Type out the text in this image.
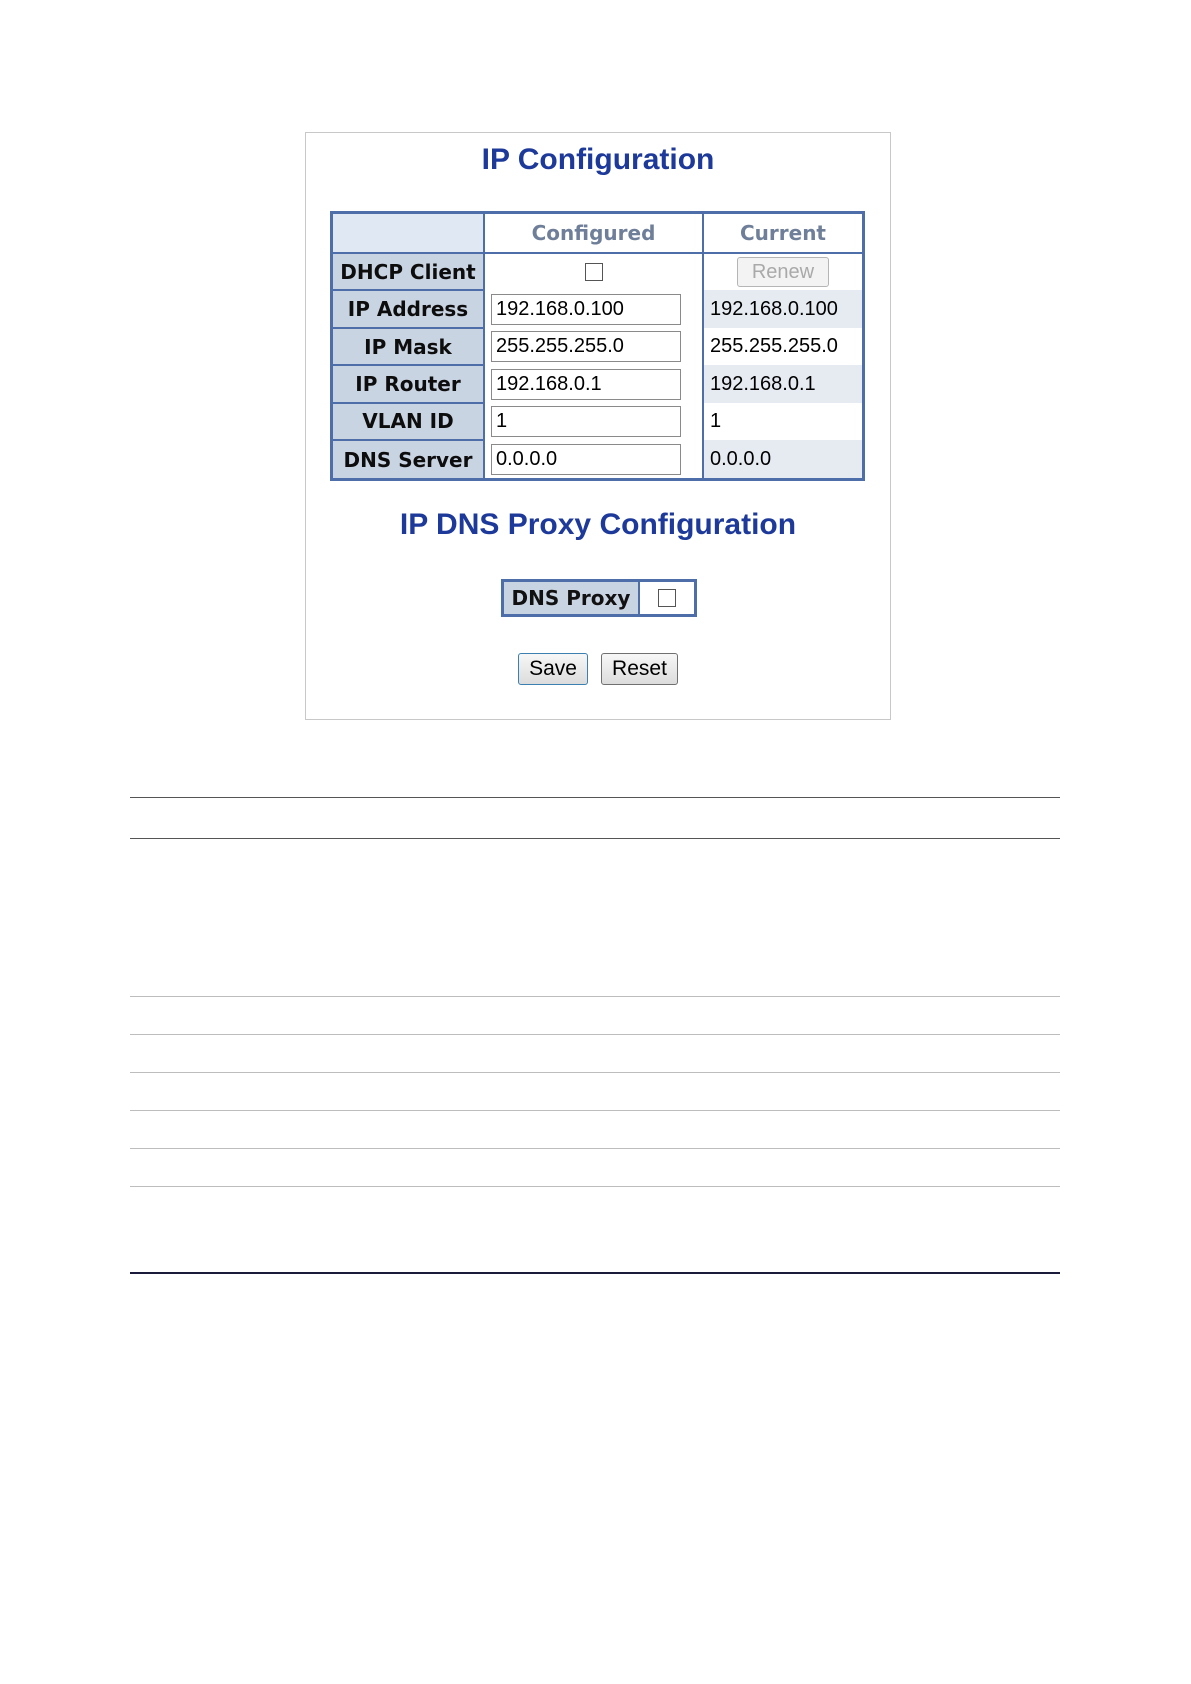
IP Configuration
	Configured	Current
DHCP Client		Renew
IP Address	192.168.0.100	192.168.0.100
IP Mask	255.255.255.0	255.255.255.0
IP Router	192.168.0.1	192.168.0.1
VLAN ID	1	1
DNS Server	0.0.0.0	0.0.0.0
IP DNS Proxy Configuration
DNS Proxy
Save Reset
